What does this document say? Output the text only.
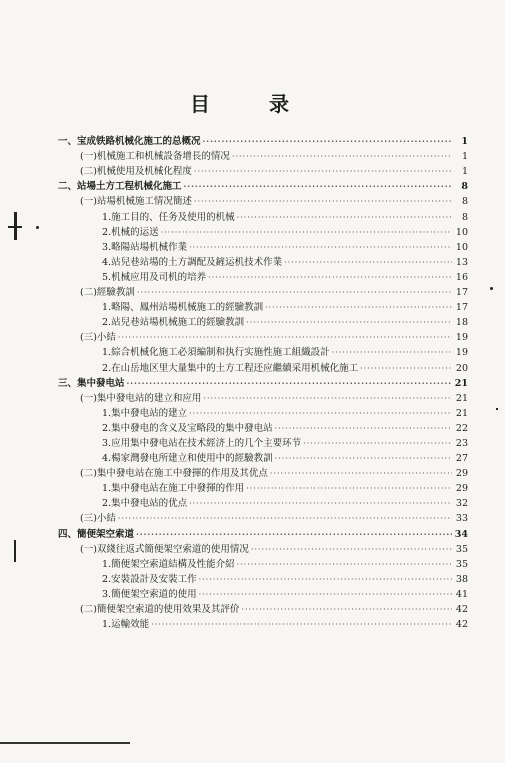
目 录
一、宝成铁路机械化施工的总概况 ·····	1
(一)机械施工和机械設备增長的情况 ·····	1
(二)机械使用及机械化程度 ·····	1
二、站場土方工程机械化施工 ·····	8
(一)站場机械施工情况簡述 ·····	8
1.施工目的、任务及使用的机械 ·····	8
2.机械的运送 ·····	10
3.略陽站場机械作業 ·····	10
4.站兒巷站場的土方調配及鏟运机技术作業 ·····	13
5.机械应用及司机的培养 ·····	16
(二)經驗教訓 ·····	17
1.略陽、鳳州站場机械施工的經驗教訓 ·····	17
2.站兒巷站場机械施工的經驗教訓 ·····	18
(三)小結 ·····	19
1.綜合机械化施工必須編制和执行实施性施工組織設計 ·····	19
2.在山岳地区里大量集中的土方工程还应繼續采用机械化施工 ·····	20
三、集中發电站 ·····	21
(一)集中發电站的建立和应用 ·····	21
1.集中發电站的建立 ·····	21
2.集中發电的含义及宝略段的集中發电站 ·····	22
3.应用集中發电站在技术經济上的几个主要环节 ·····	23
4.楊家灣發电所建立和使用中的經驗教訓 ·····	27
(二)集中發电站在施工中發揮的作用及其优点 ·····	29
1.集中發电站在施工中發揮的作用 ·····	29
2.集中發电站的优点 ·····	32
(三)小結 ·····	33
四、簡便架空索道 ·····	34
(一)双綫往返式簡便架空索道的使用情况 ·····	35
1.簡便架空索道結構及性能介紹 ·····	35
2.安裝設計及安裝工作 ·····	38
3.簡便架空索道的使用 ·····	41
(二)簡便架空索道的使用效果及其評价 ·····	42
1.运輸效能 ·····	42
